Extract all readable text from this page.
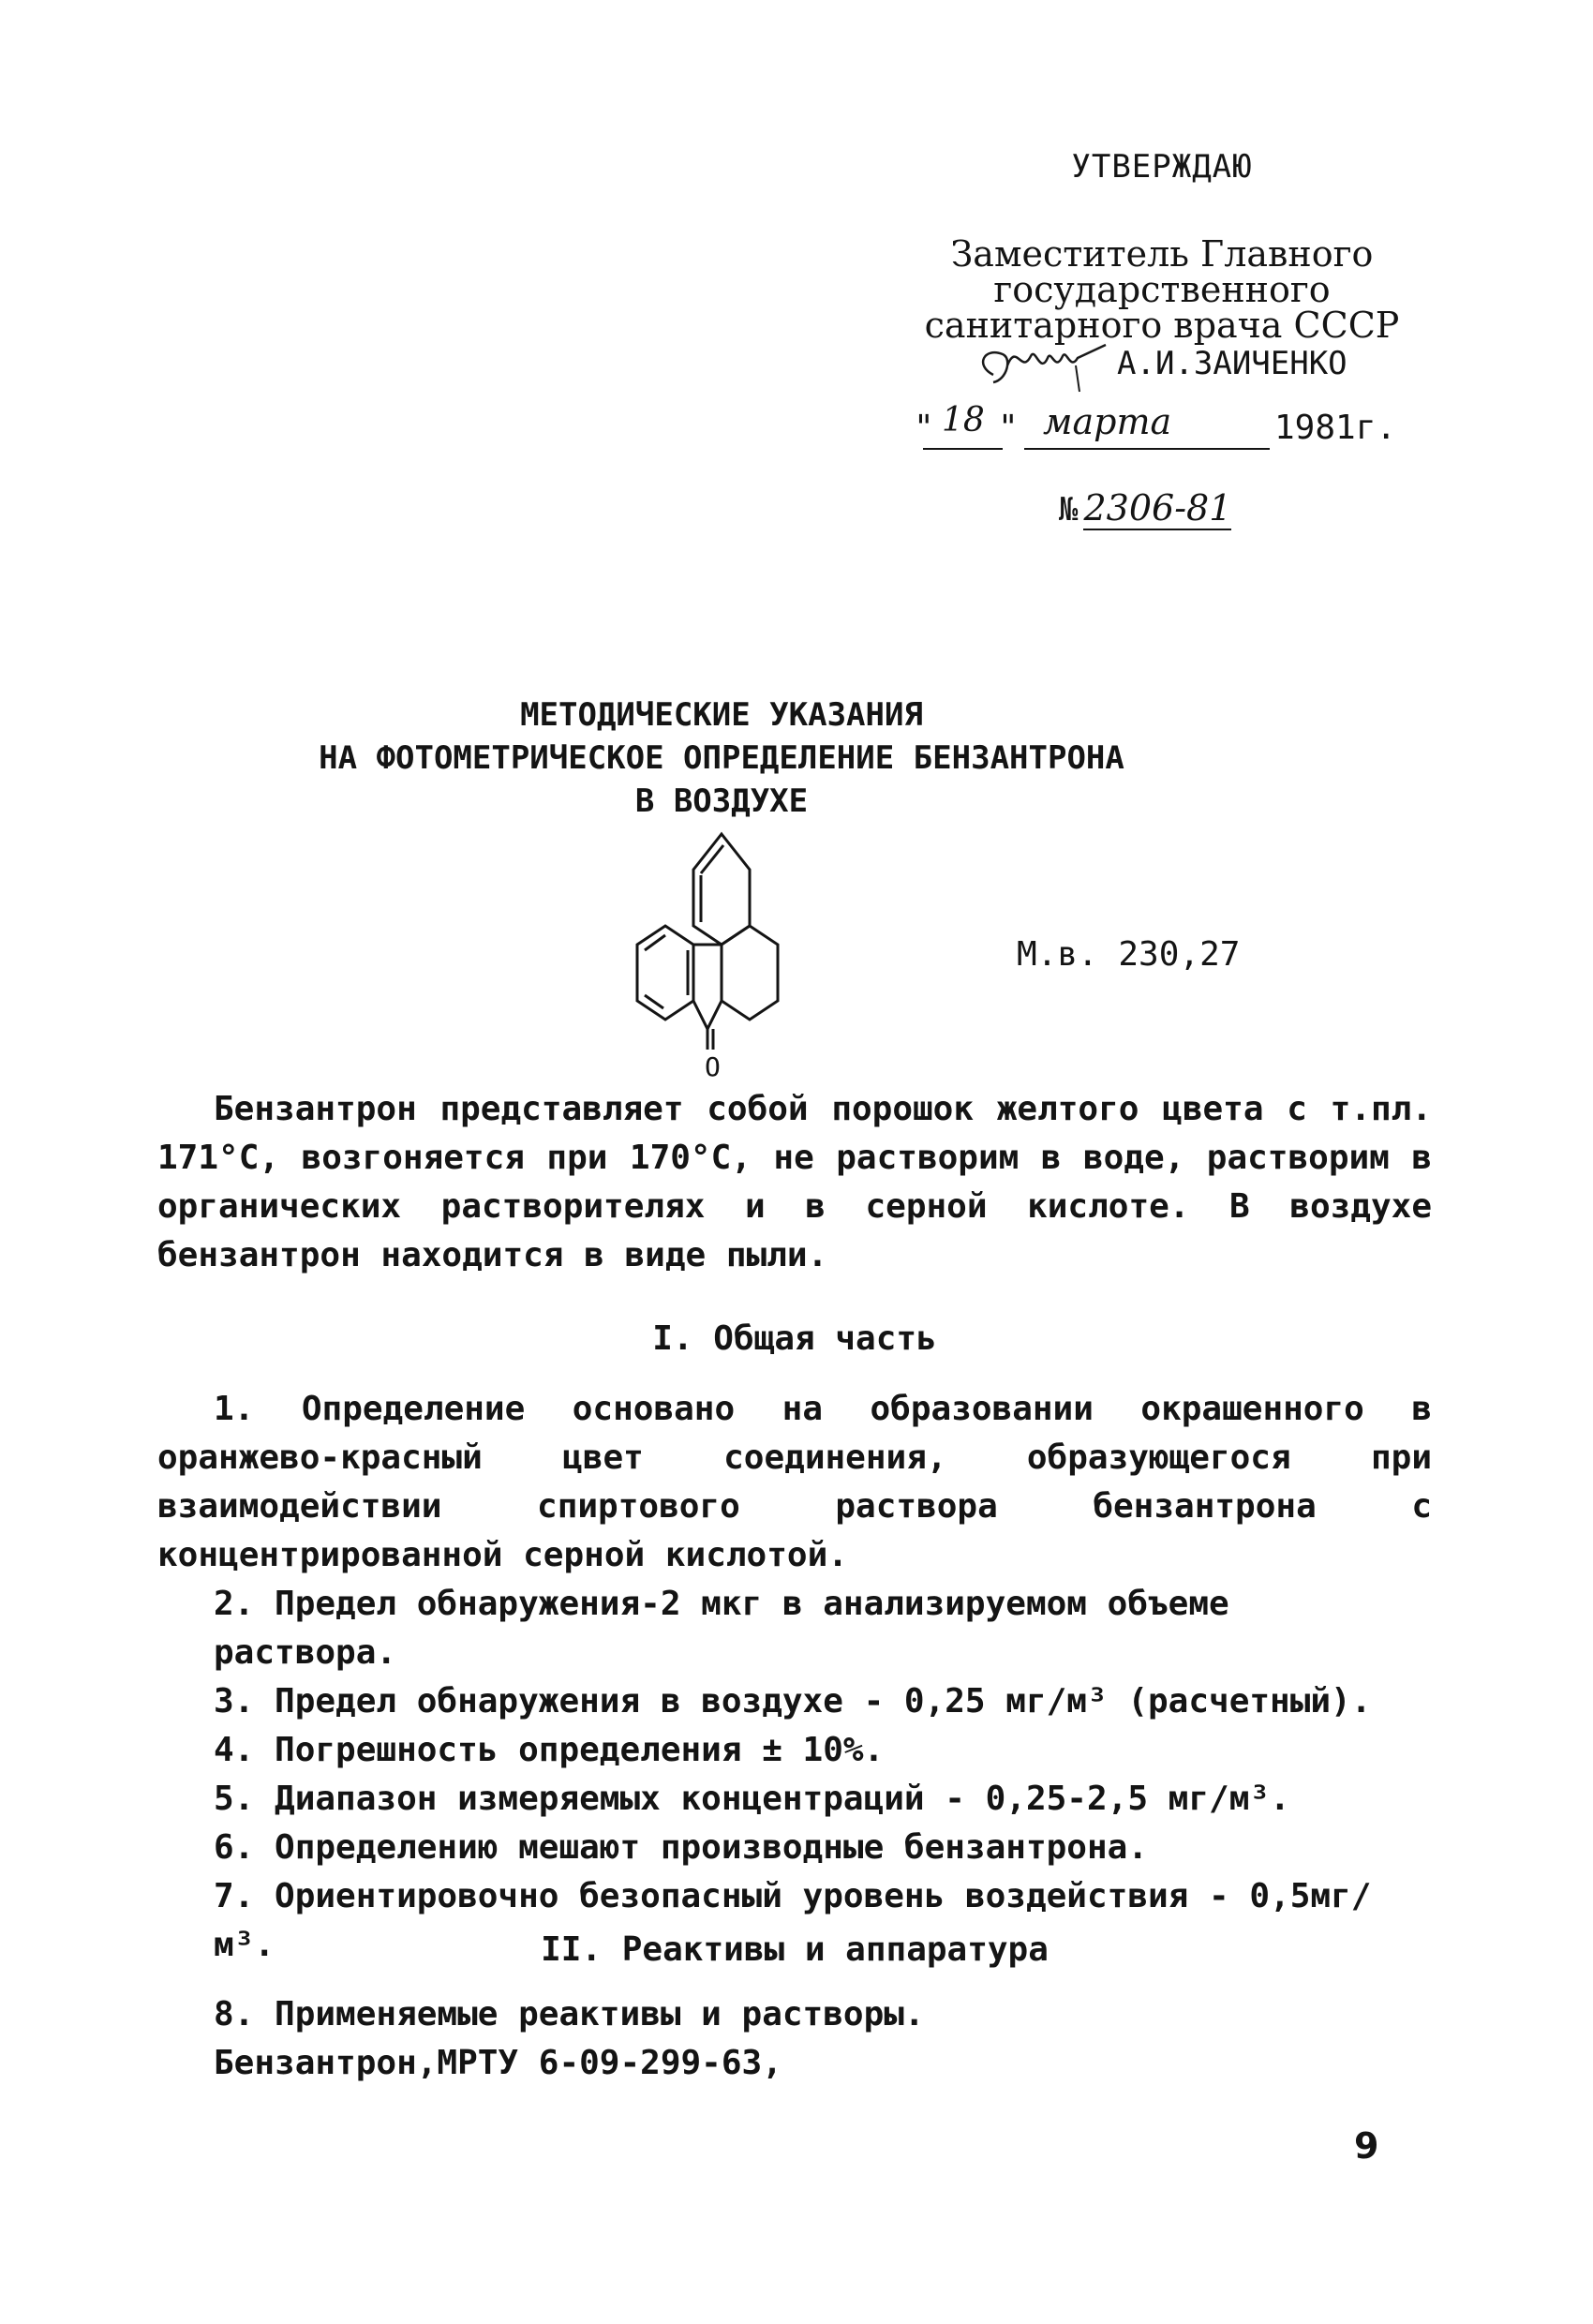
УТВЕРЖДАЮ
Заместитель Главного
государственного
санитарного врача СССР
А.И.ЗАИЧЕНКО
" 18 " марта	1981г.
№ 2306-81
МЕТОДИЧЕСКИЕ УКАЗАНИЯ
НА ФОТОМЕТРИЧЕСКОЕ ОПРЕДЕЛЕНИЕ БЕНЗАНТРОНА
В ВОЗДУХЕ
O
М.в. 230,27

Бензантрон представляет собой порошок желтого цвета с т.пл. 171°С, возгоняется при 170°С, не растворим в воде, растворим в органических растворителях и в серной кислоте. В воздухе бензантрон находится в виде пыли.

I. Общая часть

1. Определение основано на образовании окрашенного в оранжево-красный цвет соединения, образующегося при взаимодействии спиртового раствора бензантрона с концентрированной серной кислотой.

2. Предел обнаружения-2 мкг в анализируемом объеме раствора.

3. Предел обнаружения в воздухе - 0,25 мг/м³ (расчетный).

4. Погрешность определения ± 10%.

5. Диапазон измеряемых концентраций - 0,25-2,5 мг/м³.

6. Определению мешают производные бензантрона.

7. Ориентировочно безопасный уровень воздействия - 0,5мг/м³.	II. Реактивы и аппаратура

8. Применяемые реактивы и растворы.

Бензантрон,МРТУ 6-09-299-63,

9
